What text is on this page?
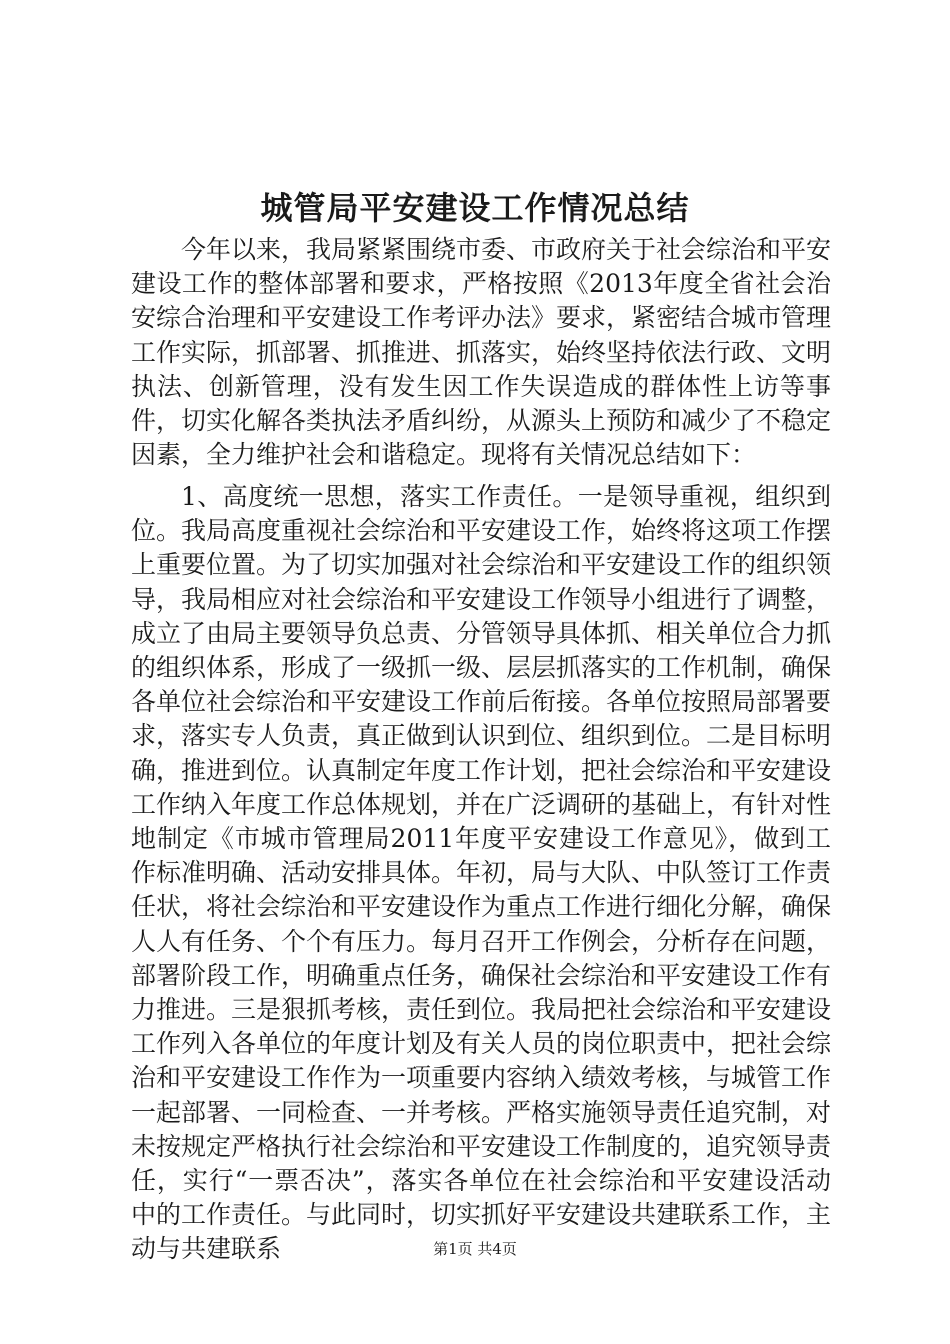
城管局平安建设工作情况总结

今年以来，我局紧紧围绕市委、市政府关于社会综治和平安建设工作的整体部署和要求，严格按照《2013年度全省社会治安综合治理和平安建设工作考评办法》要求，紧密结合城市管理工作实际，抓部署、抓推进、抓落实，始终坚持依法行政、文明执法、创新管理，没有发生因工作失误造成的群体性上访等事件，切实化解各类执法矛盾纠纷，从源头上预防和减少了不稳定因素，全力维护社会和谐稳定。现将有关情况总结如下：

1、高度统一思想，落实工作责任。一是领导重视，组织到位。我局高度重视社会综治和平安建设工作，始终将这项工作摆上重要位置。为了切实加强对社会综治和平安建设工作的组织领导，我局相应对社会综治和平安建设工作领导小组进行了调整，成立了由局主要领导负总责、分管领导具体抓、相关单位合力抓的组织体系，形成了一级抓一级、层层抓落实的工作机制，确保各单位社会综治和平安建设工作前后衔接。各单位按照局部署要求，落实专人负责，真正做到认识到位、组织到位。二是目标明确，推进到位。认真制定年度工作计划，把社会综治和平安建设工作纳入年度工作总体规划，并在广泛调研的基础上，有针对性地制定《市城市管理局2011年度平安建设工作意见》，做到工作标准明确、活动安排具体。年初，局与大队、中队签订工作责任状，将社会综治和平安建设作为重点工作进行细化分解，确保人人有任务、个个有压力。每月召开工作例会，分析存在问题，部署阶段工作，明确重点任务，确保社会综治和平安建设工作有力推进。三是狠抓考核，责任到位。我局把社会综治和平安建设工作列入各单位的年度计划及有关人员的岗位职责中，把社会综治和平安建设工作作为一项重要内容纳入绩效考核，与城管工作一起部署、一同检查、一并考核。严格实施领导责任追究制，对未按规定严格执行社会综治和平安建设工作制度的，追究领导责任，实行“一票否决”，落实各单位在社会综治和平安建设活动中的工作责任。与此同时，切实抓好平安建设共建联系工作，主动与共建联系	第1页 共4页
